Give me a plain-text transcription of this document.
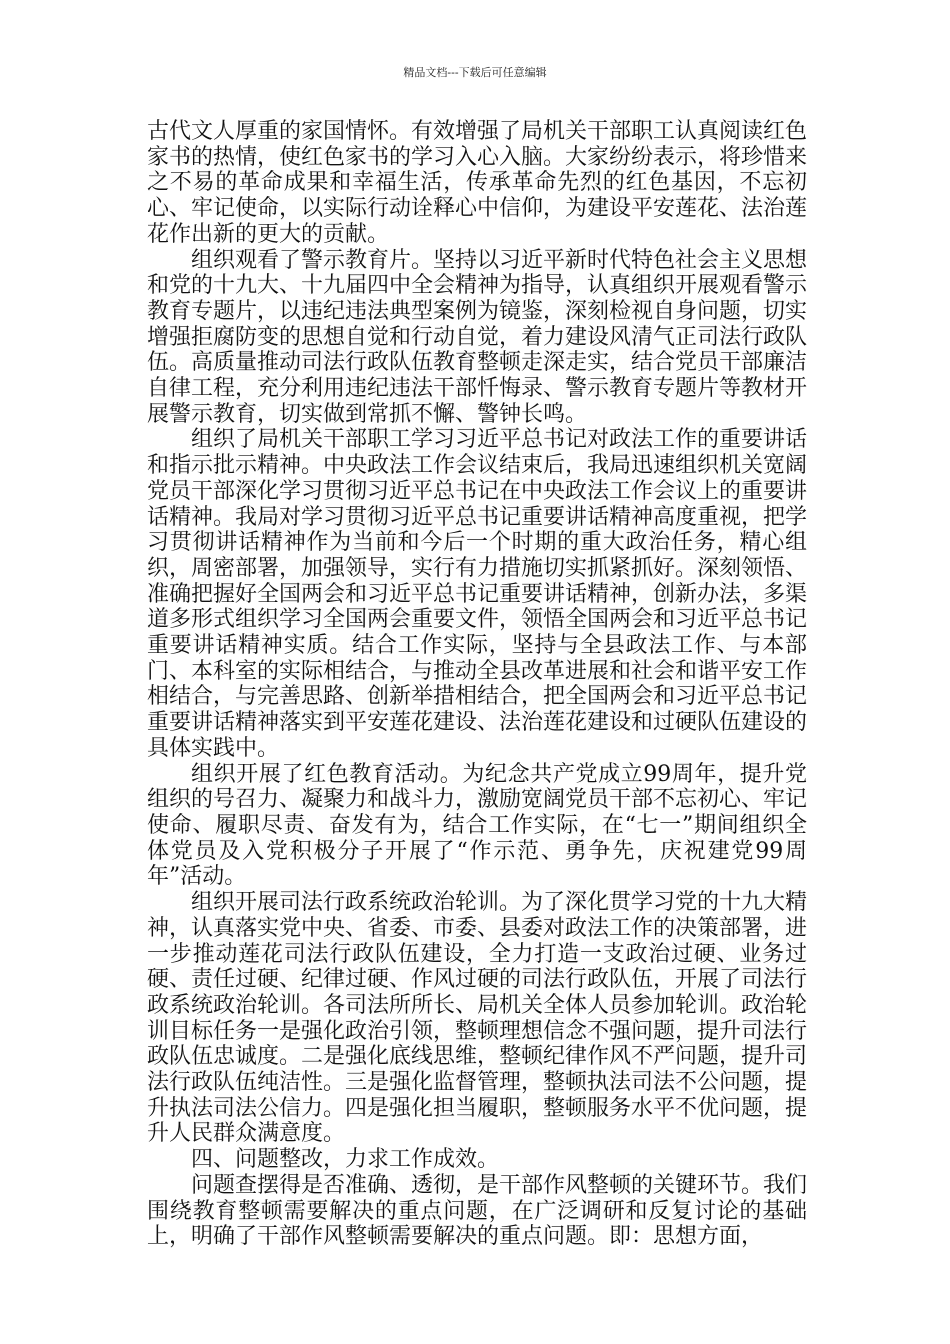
精品文档---下载后可任意编辑

古代文人厚重的家国情怀。有效增强了局机关干部职工认真阅读红色家书的热情，使红色家书的学习入心入脑。大家纷纷表示，将珍惜来之不易的革命成果和幸福生活，传承革命先烈的红色基因，不忘初心、牢记使命，以实际行动诠释心中信仰，为建设平安莲花、法治莲花作出新的更大的贡献。

组织观看了警示教育片。坚持以习近平新时代特色社会主义思想和党的十九大、十九届四中全会精神为指导，认真组织开展观看警示教育专题片，以违纪违法典型案例为镜鉴，深刻检视自身问题，切实增强拒腐防变的思想自觉和行动自觉，着力建设风清气正司法行政队伍。高质量推动司法行政队伍教育整顿走深走实，结合党员干部廉洁自律工程，充分利用违纪违法干部忏悔录、警示教育专题片等教材开展警示教育，切实做到常抓不懈、警钟长鸣。

组织了局机关干部职工学习习近平总书记对政法工作的重要讲话和指示批示精神。中央政法工作会议结束后，我局迅速组织机关宽阔党员干部深化学习贯彻习近平总书记在中央政法工作会议上的重要讲话精神。我局对学习贯彻习近平总书记重要讲话精神高度重视，把学习贯彻讲话精神作为当前和今后一个时期的重大政治任务，精心组织，周密部署，加强领导，实行有力措施切实抓紧抓好。深刻领悟、准确把握好全国两会和习近平总书记重要讲话精神，创新办法，多渠道多形式组织学习全国两会重要文件，领悟全国两会和习近平总书记重要讲话精神实质。结合工作实际，坚持与全县政法工作、与本部门、本科室的实际相结合，与推动全县改革进展和社会和谐平安工作相结合，与完善思路、创新举措相结合，把全国两会和习近平总书记重要讲话精神落实到平安莲花建设、法治莲花建设和过硬队伍建设的具体实践中。

组织开展了红色教育活动。为纪念共产党成立99周年，提升党组织的号召力、凝聚力和战斗力，激励宽阔党员干部不忘初心、牢记使命、履职尽责、奋发有为，结合工作实际，在“七一”期间组织全体党员及入党积极分子开展了“作示范、勇争先，庆祝建党99周年”活动。

组织开展司法行政系统政治轮训。为了深化贯学习党的十九大精神，认真落实党中央、省委、市委、县委对政法工作的决策部署，进一步推动莲花司法行政队伍建设，全力打造一支政治过硬、业务过硬、责任过硬、纪律过硬、作风过硬的司法行政队伍，开展了司法行政系统政治轮训。各司法所所长、局机关全体人员参加轮训。政治轮训目标任务一是强化政治引领，整顿理想信念不强问题，提升司法行政队伍忠诚度。二是强化底线思维，整顿纪律作风不严问题，提升司法行政队伍纯洁性。三是强化监督管理，整顿执法司法不公问题，提升执法司法公信力。四是强化担当履职，整顿服务水平不优问题，提升人民群众满意度。

四、问题整改，力求工作成效。

问题查摆得是否准确、透彻，是干部作风整顿的关键环节。我们围绕教育整顿需要解决的重点问题，在广泛调研和反复讨论的基础上，明确了干部作风整顿需要解决的重点问题。即：思想方面，
